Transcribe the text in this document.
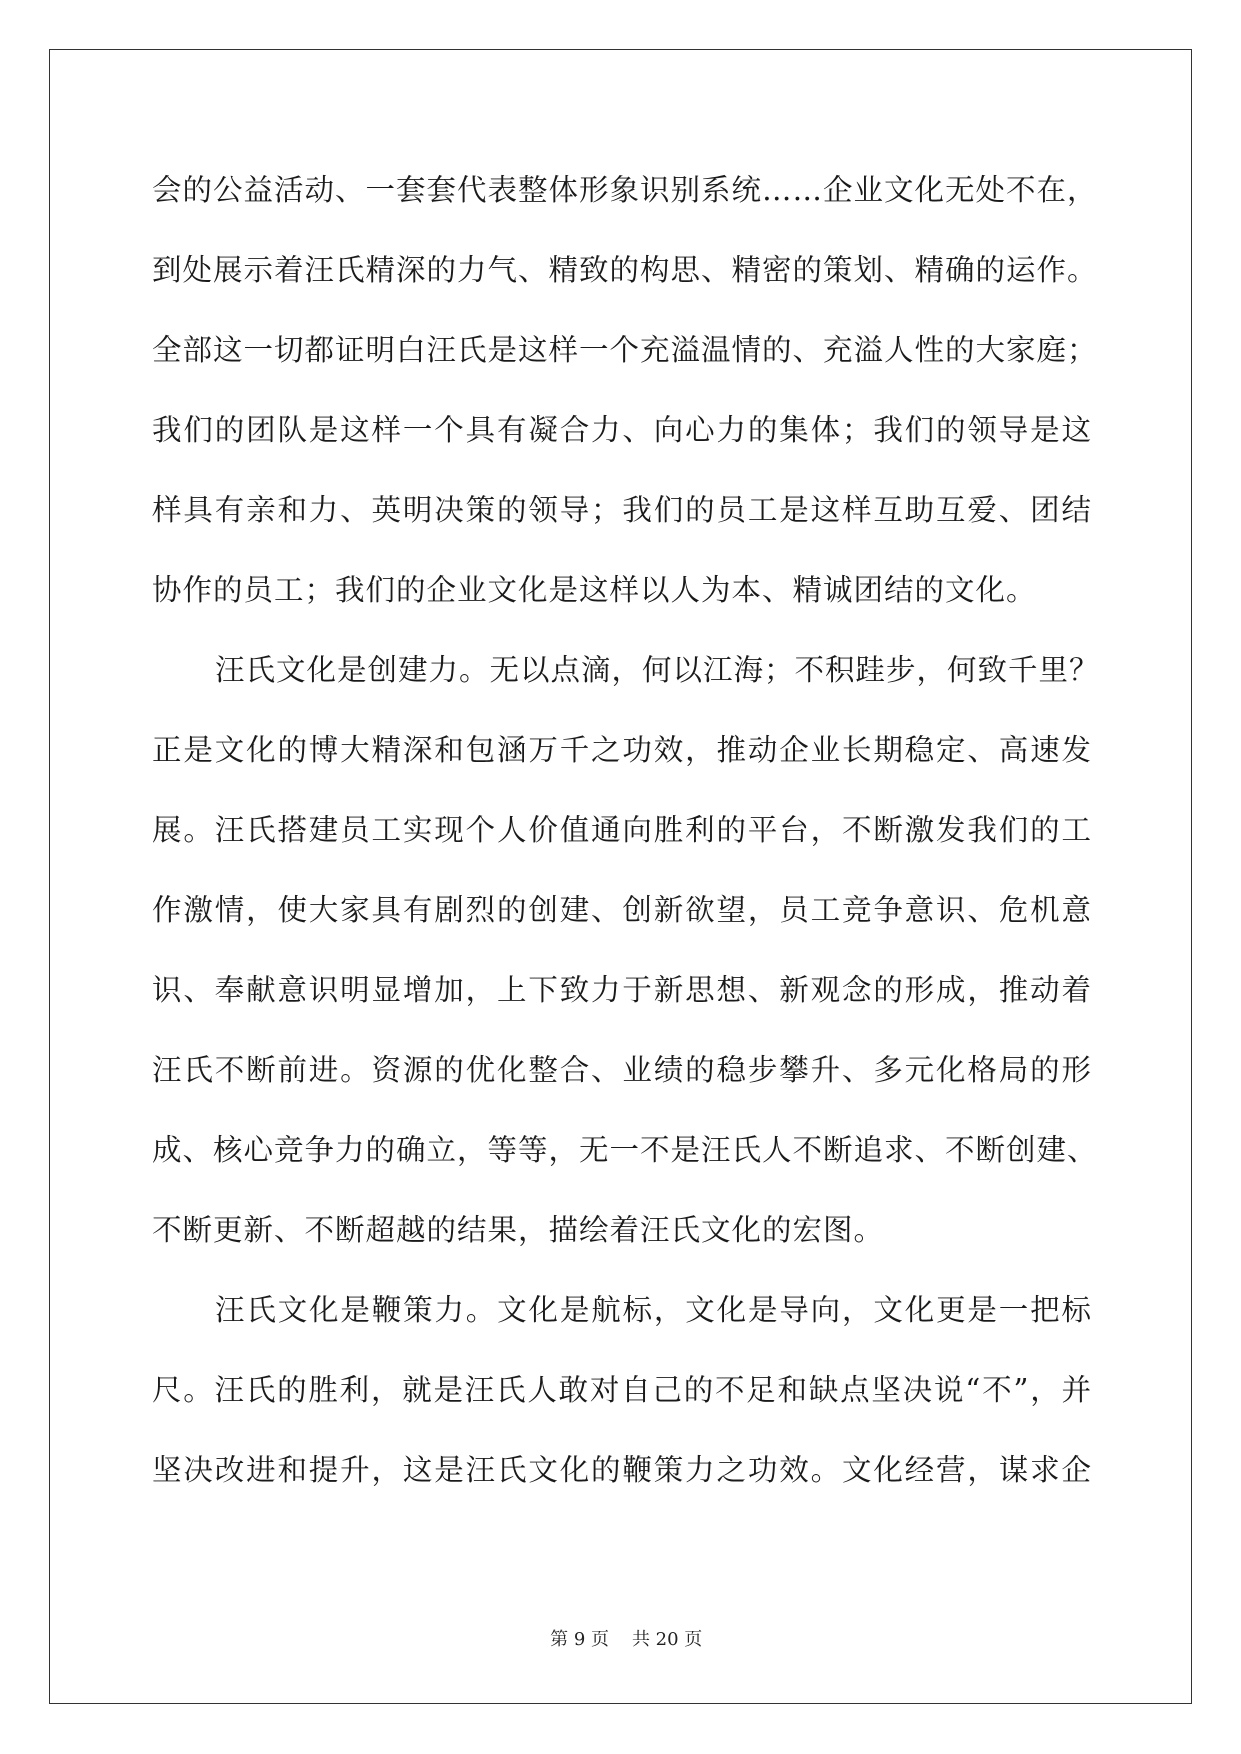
会的公益活动、一套套代表整体形象识别系统……企业文化无处不在，
到处展示着汪氏精深的力气、精致的构思、精密的策划、精确的运作。
全部这一切都证明白汪氏是这样一个充溢温情的、充溢人性的大家庭；
我们的团队是这样一个具有凝合力、向心力的集体；我们的领导是这
样具有亲和力、英明决策的领导；我们的员工是这样互助互爱、团结
协作的员工；我们的企业文化是这样以人为本、精诚团结的文化。
汪氏文化是创建力。无以点滴，何以江海；不积跬步，何致千里？
正是文化的博大精深和包涵万千之功效，推动企业长期稳定、高速发
展。汪氏搭建员工实现个人价值通向胜利的平台，不断激发我们的工
作激情，使大家具有剧烈的创建、创新欲望，员工竞争意识、危机意
识、奉献意识明显增加，上下致力于新思想、新观念的形成，推动着
汪氏不断前进。资源的优化整合、业绩的稳步攀升、多元化格局的形
成、核心竞争力的确立，等等，无一不是汪氏人不断追求、不断创建、
不断更新、不断超越的结果，描绘着汪氏文化的宏图。
汪氏文化是鞭策力。文化是航标，文化是导向，文化更是一把标
尺。汪氏的胜利，就是汪氏人敢对自己的不足和缺点坚决说“不”，并
坚决改进和提升，这是汪氏文化的鞭策力之功效。文化经营，谋求企

第 9 页    共 20 页
